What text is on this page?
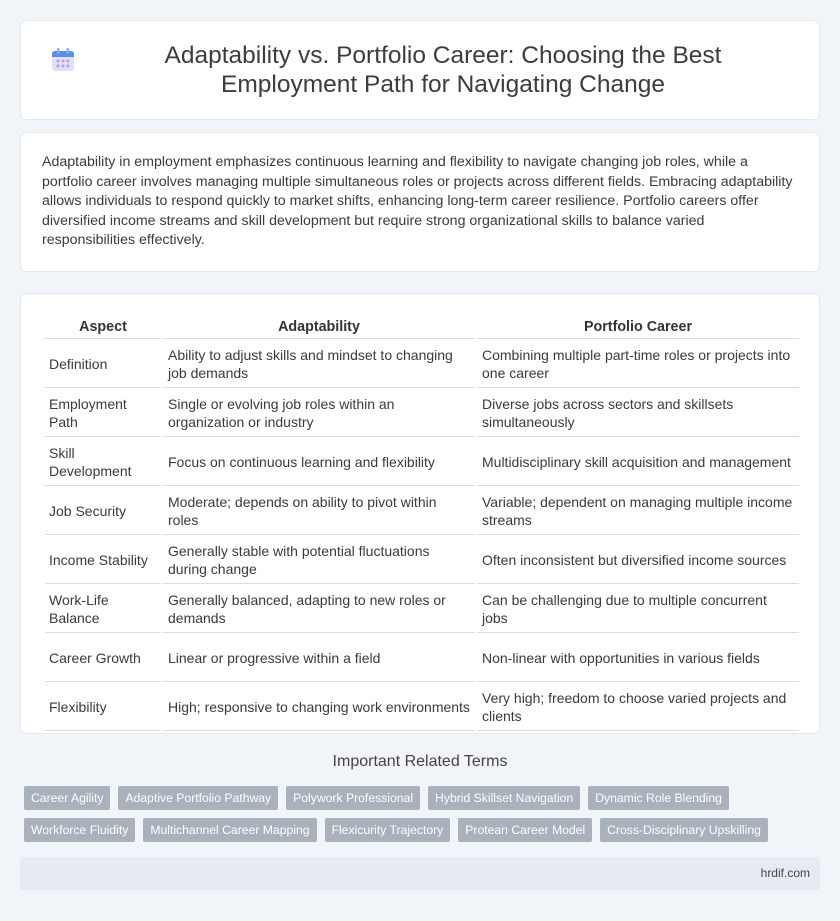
Adaptability vs. Portfolio Career: Choosing the Best Employment Path for Navigating Change

Adaptability in employment emphasizes continuous learning and flexibility to navigate changing job roles, while a portfolio career involves managing multiple simultaneous roles or projects across different fields. Embracing adaptability allows individuals to respond quickly to market shifts, enhancing long-term career resilience. Portfolio careers offer diversified income streams and skill development but require strong organizational skills to balance varied responsibilities effectively.

Aspect	Adaptability	Portfolio Career
Definition	Ability to adjust skills and mindset to changing job demands	Combining multiple part-time roles or projects into one career
Employment Path	Single or evolving job roles within an organization or industry	Diverse jobs across sectors and skillsets simultaneously
Skill Development	Focus on continuous learning and flexibility	Multidisciplinary skill acquisition and management
Job Security	Moderate; depends on ability to pivot within roles	Variable; dependent on managing multiple income streams
Income Stability	Generally stable with potential fluctuations during change	Often inconsistent but diversified income sources
Work-Life Balance	Generally balanced, adapting to new roles or demands	Can be challenging due to multiple concurrent jobs
Career Growth	Linear or progressive within a field	Non-linear with opportunities in various fields
Flexibility	High; responsive to changing work environments	Very high; freedom to choose varied projects and clients
Important Related Terms
Career Agility	Adaptive Portfolio Pathway	Polywork Professional	Hybrid Skillset Navigation	Dynamic Role Blending
Workforce Fluidity	Multichannel Career Mapping	Flexicurity Trajectory	Protean Career Model	Cross-Disciplinary Upskilling
hrdif.com
